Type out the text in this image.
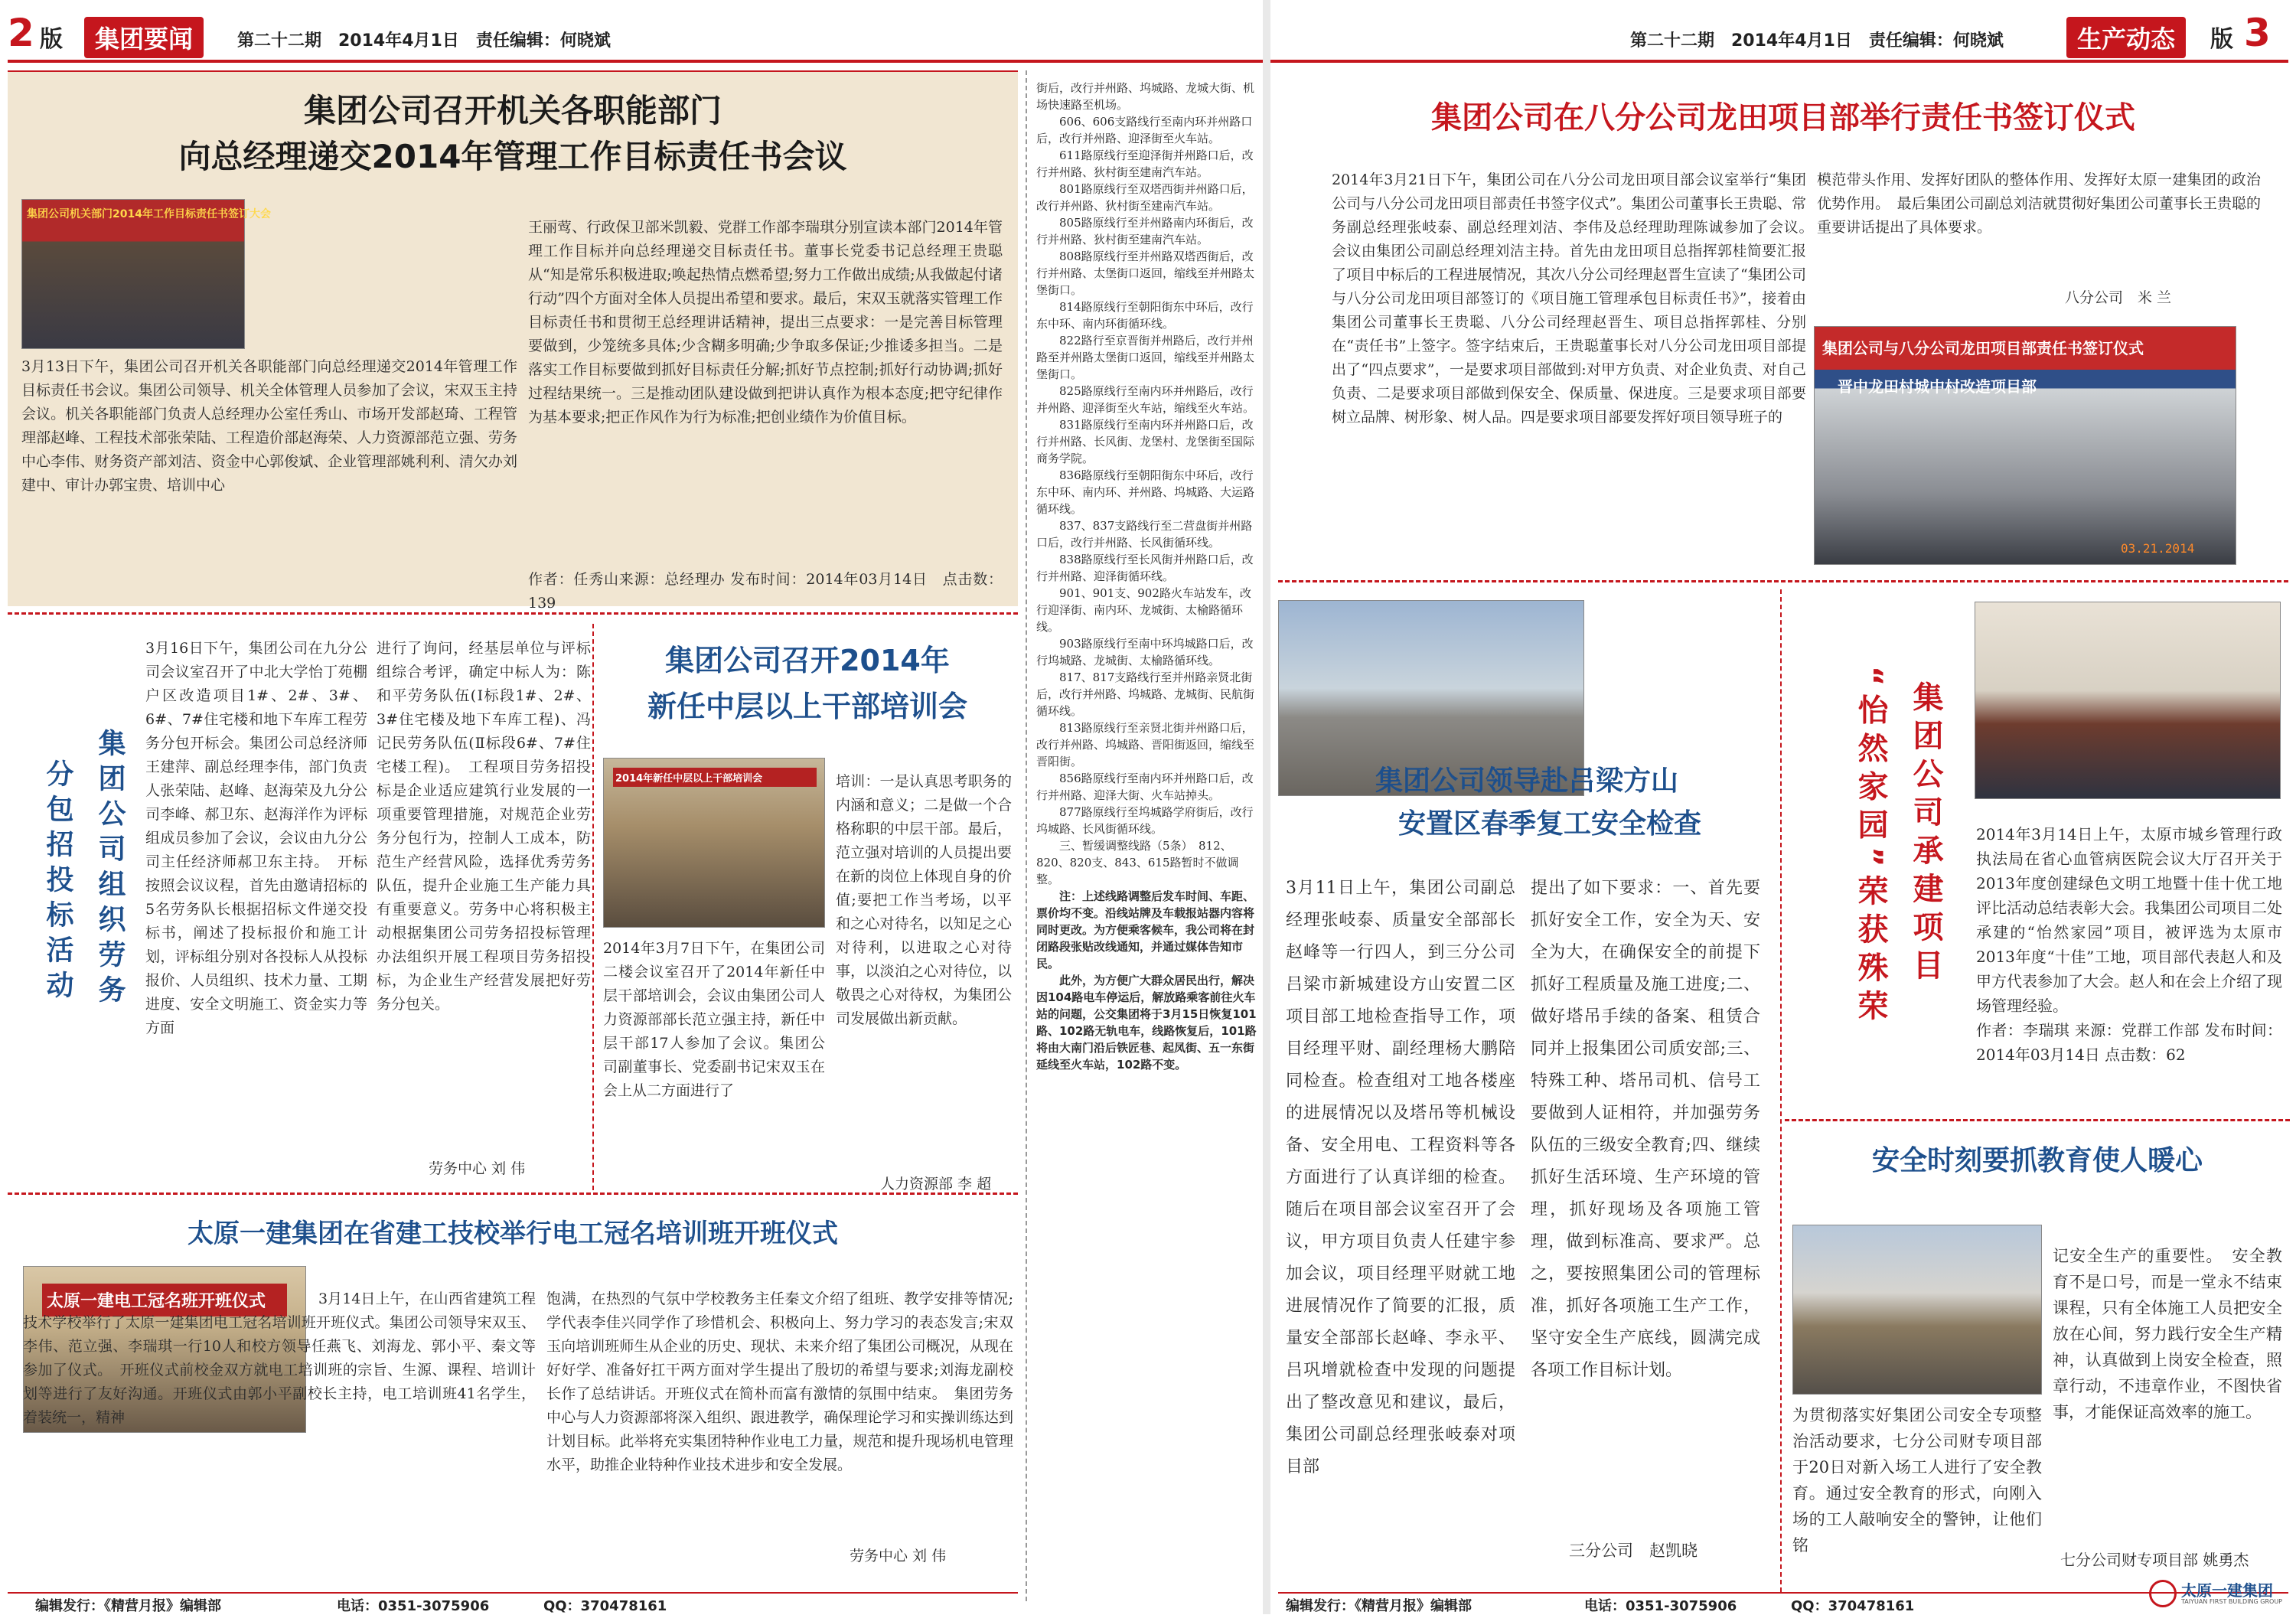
2 版	集团要闻	第二十二期　2014年4月1日　责任编辑：何晓斌	第二十二期　2014年4月1日　责任编辑：何晓斌	生产动态	版 3
集团公司召开机关各职能部门
向总经理递交2014年管理工作目标责任书会议
集团公司机关部门2014年工作目标责任书签订大会
3月13日下午，集团公司召开机关各职能部门向总经理递交2014年管理工作目标责任书会议。集团公司领导、机关全体管理人员参加了会议，宋双玉主持会议。机关各职能部门负责人总经理办公室任秀山、市场开发部赵琦、工程管理部赵峰、工程技术部张荣陆、工程造价部赵海荣、人力资源部范立强、劳务中心李伟、财务资产部刘洁、资金中心郭俊斌、企业管理部姚利利、清欠办刘建中、审计办郭宝贵、培训中心
王丽莺、行政保卫部米凯毅、党群工作部李瑞琪分别宣读本部门2014年管理工作目标并向总经理递交目标责任书。董事长党委书记总经理王贵聪从“知是常乐积极进取;唤起热情点燃希望;努力工作做出成绩;从我做起付诸行动”四个方面对全体人员提出希望和要求。最后，宋双玉就落实管理工作目标责任书和贯彻王总经理讲话精神，提出三点要求：一是完善目标管理要做到，少笼统多具体;少含糊多明确;少争取多保证;少推诿多担当。二是落实工作目标要做到抓好目标责任分解;抓好节点控制;抓好行动协调;抓好过程结果统一。三是推动团队建设做到把讲认真作为根本态度;把守纪律作为基本要求;把正作风作为行为标准;把创业绩作为价值目标。
作者：任秀山来源：总经理办 发布时间：2014年03月14日　点击数：139
集团公司组织劳务
分包招投标活动
3月16日下午，集团公司在九分公司会议室召开了中北大学怡丁苑棚户区改造项目1#、2#、3#、6#、7#住宅楼和地下车库工程劳务分包开标会。集团公司总经济师王建萍、副总经理李伟，部门负责人张荣陆、赵峰、赵海荣及九分公司李峰、郝卫东、赵海洋作为评标组成员参加了会议，会议由九分公司主任经济师郝卫东主持。　开标按照会议议程，首先由邀请招标的5名劳务队长根据招标文件递交投标书，阐述了投标报价和施工计划，评标组分别对各投标人从投标报价、人员组织、技术力量、工期进度、安全文明施工、资金实力等方面
进行了询问，经基层单位与评标组综合考评，确定中标人为：陈和平劳务队伍(Ⅰ标段1#、2#、3#住宅楼及地下车库工程)、冯记民劳务队伍(Ⅱ标段6#、7#住宅楼工程)。　工程项目劳务招投标是企业适应建筑行业发展的一项重要管理措施，对规范企业劳务分包行为，控制人工成本，防范生产经营风险，选择优秀劳务队伍，提升企业施工生产能力具有重要意义。劳务中心将积极主动根据集团公司劳务招投标管理办法组织开展工程项目劳务招投标，为企业生产经营发展把好劳务分包关。
劳务中心 刘 伟
集团公司召开2014年
新任中层以上干部培训会
2014年新任中层以上干部培训会
2014年3月7日下午，在集团公司二楼会议室召开了2014年新任中层干部培训会，会议由集团公司人力资源部部长范立强主持，新任中层干部17人参加了会议。集团公司副董事长、党委副书记宋双玉在会上从二方面进行了
培训：一是认真思考职务的内涵和意义；二是做一个合格称职的中层干部。最后，范立强对培训的人员提出要在新的岗位上体现自身的价值;要把工作当考场，以平和之心对待名，以知足之心对待利，以进取之心对待事，以淡泊之心对待位，以敬畏之心对待权，为集团公司发展做出新贡献。
人力资源部 李 超
太原一建集团在省建工技校举行电工冠名培训班开班仪式
太原一建电工冠名班开班仪式	3月14日上午，在山西省建筑工程技术学校举行了太原一建集团电工冠名培训班开班仪式。集团公司领导宋双玉、李伟、范立强、李瑞琪一行10人和校方领导任燕飞、刘海龙、郭小平、秦文等参加了仪式。　开班仪式前校金双方就电工培训班的宗旨、生源、课程、培训计划等进行了友好沟通。开班仪式由郭小平副校长主持，电工培训班41名学生，着装统一，精神
饱满，在热烈的气氛中学校教务主任秦文介绍了组班、教学安排等情况;学代表李佳兴同学作了珍惜机会、积极向上、努力学习的表态发言;宋双玉向培训班师生从企业的历史、现状、未来介绍了集团公司概况，从现在好好学、准备好扛干两方面对学生提出了殷切的希望与要求;刘海龙副校长作了总结讲话。开班仪式在简朴而富有激情的氛围中结束。　集团劳务中心与人力资源部将深入组织、跟进教学，确保理论学习和实操训练达到计划目标。此举将充实集团特种作业电工力量，规范和提升现场机电管理水平，助推企业特种作业技术进步和安全发展。
劳务中心 刘 伟

街后，改行并州路、坞城路、龙城大街、机场快速路至机场。

606、606支路线行至南内环并州路口后，改行并州路、迎泽街至火车站。

611路原线行至迎泽街并州路口后，改行并州路、狄村街至建南汽车站。

801路原线行至双塔西街并州路口后，改行并州路、狄村街至建南汽车站。

805路原线行至并州路南内环街后，改行并州路、狄村街至建南汽车站。

808路原线行至并州路双塔西街后，改行并州路、太堡街口返回，缩线至并州路太堡街口。

814路原线行至朝阳街东中环后，改行东中环、南内环街循环线。

822路行至京晋街并州路后，改行并州路至并州路太堡街口返回，缩线至并州路太堡街口。

825路原线行至南内环并州路后，改行并州路、迎泽街至火车站，缩线至火车站。

831路原线行至南内环并州路口后，改行并州路、长风街、龙堡村、龙堡街至国际商务学院。

836路原线行至朝阳街东中环后，改行东中环、南内环、并州路、坞城路、大运路循环线。

837、837支路线行至二营盘街并州路口后，改行并州路、长风街循环线。

838路原线行至长风街并州路口后，改行并州路、迎泽街循环线。

901、901支、902路火车站发车，改行迎泽街、南内环、龙城街、太榆路循环线。

903路原线行至南中环坞城路口后，改行坞城路、龙城街、太榆路循环线。

817、817支路线行至并州路亲贤北街后，改行并州路、坞城路、龙城街、民航街循环线。

813路原线行至亲贤北街并州路口后，改行并州路、坞城路、晋阳街返回，缩线至晋阳街。

856路原线行至南内环并州路口后，改行并州路、迎泽大街、火车站掉头。

877路原线行至坞城路学府街后，改行坞城路、长风街循环线。

三、暂缓调整线路（5条）　812、820、820支、843、615路暂时不做调整。

注：上述线路调整后发车时间、车距、票价均不变。沿线站牌及车载报站器内容将同时更改。为方便乘客候车，我公司将在封闭路段张贴改线通知，并通过媒体告知市民。

此外，为方便广大群众居民出行，解决因104路电车停运后，解放路乘客前往火车站的问题，公交集团将于3月15日恢复101路、102路无轨电车，线路恢复后，101路将由大南门沿后铁匠巷、起凤街、五一东街延线至火车站，102路不变。

集团公司在八分公司龙田项目部举行责任书签订仪式
2014年3月21日下午，集团公司在八分公司龙田项目部会议室举行“集团公司与八分公司龙田项目部责任书签字仪式”。集团公司董事长王贵聪、常务副总经理张岐泰、副总经理刘洁、李伟及总经理助理陈诚参加了会议。　会议由集团公司副总经理刘洁主持。首先由龙田项目总指挥郭桂简要汇报了项目中标后的工程进展情况，其次八分公司经理赵晋生宣读了“集团公司与八分公司龙田项目部签订的《项目施工管理承包目标责任书》”，接着由集团公司董事长王贵聪、八分公司经理赵晋生、项目总指挥郭桂、分别在“责任书”上签字。签字结束后，王贵聪董事长对八分公司龙田项目部提出了“四点要求”，一是要求项目部做到:对甲方负责、对企业负责、对自己负责、二是要求项目部做到保安全、保质量、保进度。三是要求项目部要树立品牌、树形象、树人品。四是要求项目部要发挥好项目领导班子的
模范带头作用、发挥好团队的整体作用、发挥好太原一建集团的政治优势作用。　最后集团公司副总刘洁就贯彻好集团公司董事长王贵聪的重要讲话提出了具体要求。
八分公司　米 兰
集团公司与八分公司龙田项目部责任书签订仪式
晋中龙田村城中村改造项目部
03.21.2014
集团公司领导赴吕梁方山
安置区春季复工安全检查
3月11日上午，集团公司副总经理张岐泰、质量安全部部长赵峰等一行四人，到三分公司吕梁市新城建设方山安置二区项目部工地检查指导工作，项目经理平财、副经理杨大鹏陪同检查。检查组对工地各楼座的进展情况以及塔吊等机械设备、安全用电、工程资料等各方面进行了认真详细的检查。随后在项目部会议室召开了会议，甲方项目负责人任建宇参加会议，项目经理平财就工地进展情况作了简要的汇报，质量安全部部长赵峰、李永平、吕巩增就检查中发现的问题提出了整改意见和建议，最后，集团公司副总经理张岐泰对项目部
提出了如下要求：一、首先要抓好安全工作，安全为天、安全为大，在确保安全的前提下抓好工程质量及施工进度;二、做好塔吊手续的备案、租赁合同并上报集团公司质安部;三、特殊工种、塔吊司机、信号工要做到人证相符，并加强劳务队伍的三级安全教育;四、继续抓好生活环境、生产环境的管理，抓好现场及各项施工管理，做到标准高、要求严。总之，要按照集团公司的管理标准，抓好各项施工生产工作，坚守安全生产底线，圆满完成各项工作目标计划。
三分公司　赵凯晓
集团公司承建项目
“怡然家园”荣获殊荣	2014年3月14日上午，太原市城乡管理行政执法局在省心血管病医院会议大厅召开关于2013年度创建绿色文明工地暨十佳十优工地评比活动总结表彰大会。我集团公司项目二处承建的“怡然家园”项目，被评选为太原市2013年度“十佳”工地，项目部代表赵人和及甲方代表参加了大会。赵人和在会上介绍了现场管理经验。
作者：李瑞琪 来源：党群工作部 发布时间：2014年03月14日 点击数：62
安全时刻要抓教育使人暖心
为贯彻落实好集团公司安全专项整治活动要求，七分公司财专项目部于20日对新入场工人进行了安全教育。通过安全教育的形式，向刚入场的工人敲响安全的警钟，让他们铭
记安全生产的重要性。　安全教育不是口号，而是一堂永不结束课程，只有全体施工人员把安全放在心间，努力践行安全生产精神，认真做到上岗安全检查，照章行动，不违章作业，不图快省事，才能保证高效率的施工。
七分公司财专项目部 姚勇杰
编辑发行：《精营月报》编辑部	电话：0351-3075906	QQ：370478161	编辑发行：《精营月报》编辑部	电话：0351-3075906	QQ：370478161
太原一建集团
TAIYUAN FIRST BUILDING GROUP
